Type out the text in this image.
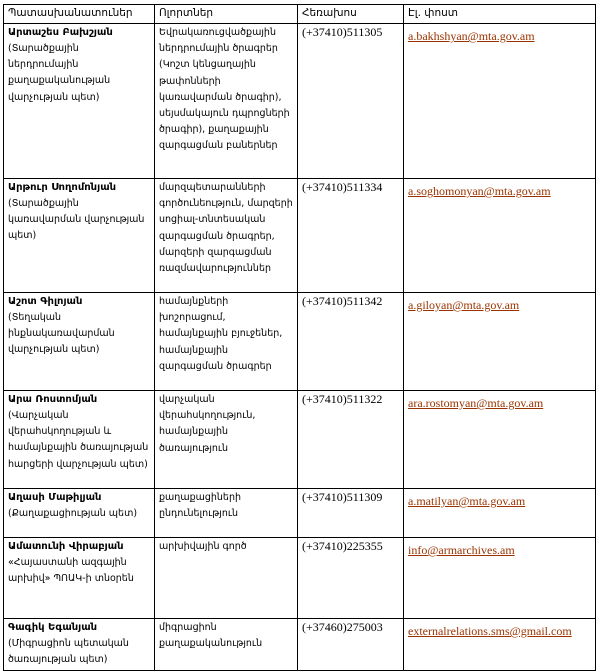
Պատասխանատուներ	Ոլորտներ	Հեռախոս	Էլ. փոստ

Արտաշես Բախշյան
(Տարածքային ներդրումային քաղաքականության վարչության պետ)	Եվրակառուցվածքային ներդրումային ծրագրեր (Կոշտ կենցաղային թափոնների կառավարման ծրագիր), սեյսմակայուն դպրոցների ծրագիր), քաղաքային զարգացման բաներներ	(+37410)511305	a.bakhshyan@mta.gov.am

Արթուր Սողոմոնյան
(Տարածքային կառավարման վարչության պետ)	մարզպետարանների գործունեություն, մարզերի սոցիալ-տնտեսական զարգացման ծրագրեր, մարզերի զարգացման ռազմավարություններ	(+37410)511334	a.soghomonyan@mta.gov.am

Աշոտ Գիլոյան
(Տեղական ինքնակառավարման վարչության պետ)	համայնքների խոշորացում, համայնքային բյուջեներ, համայնքային զարգացման ծրագրեր	(+37410)511342	a.giloyan@mta.gov.am

Արա Ռոստոմյան
(Վարչական վերահսկողության և համայնքային ծառայության հարցերի վարչության պետ)	վարչական վերահսկողություն, համայնքային ծառայություն	(+37410)511322	ara.rostomyan@mta.gov.am

Աղասի Մաթիլյան
(Քաղաքացիության պետ)	քաղաքացիների ընդունելություն	(+37410)511309	a.matilyan@mta.gov.am

Ամատունի Վիրաբյան
«Հայաստանի ազգային արխիվ» ՊՈԱԿ-ի տնօրեն	արխիվային գործ	(+37410)225355	info@armarchives.am

Գագիկ Եգանյան
(Միգրացիոն պետական ծառայության պետ)	միգրացիոն քաղաքականություն	(+37460)275003	externalrelations.sms@gmail.com
